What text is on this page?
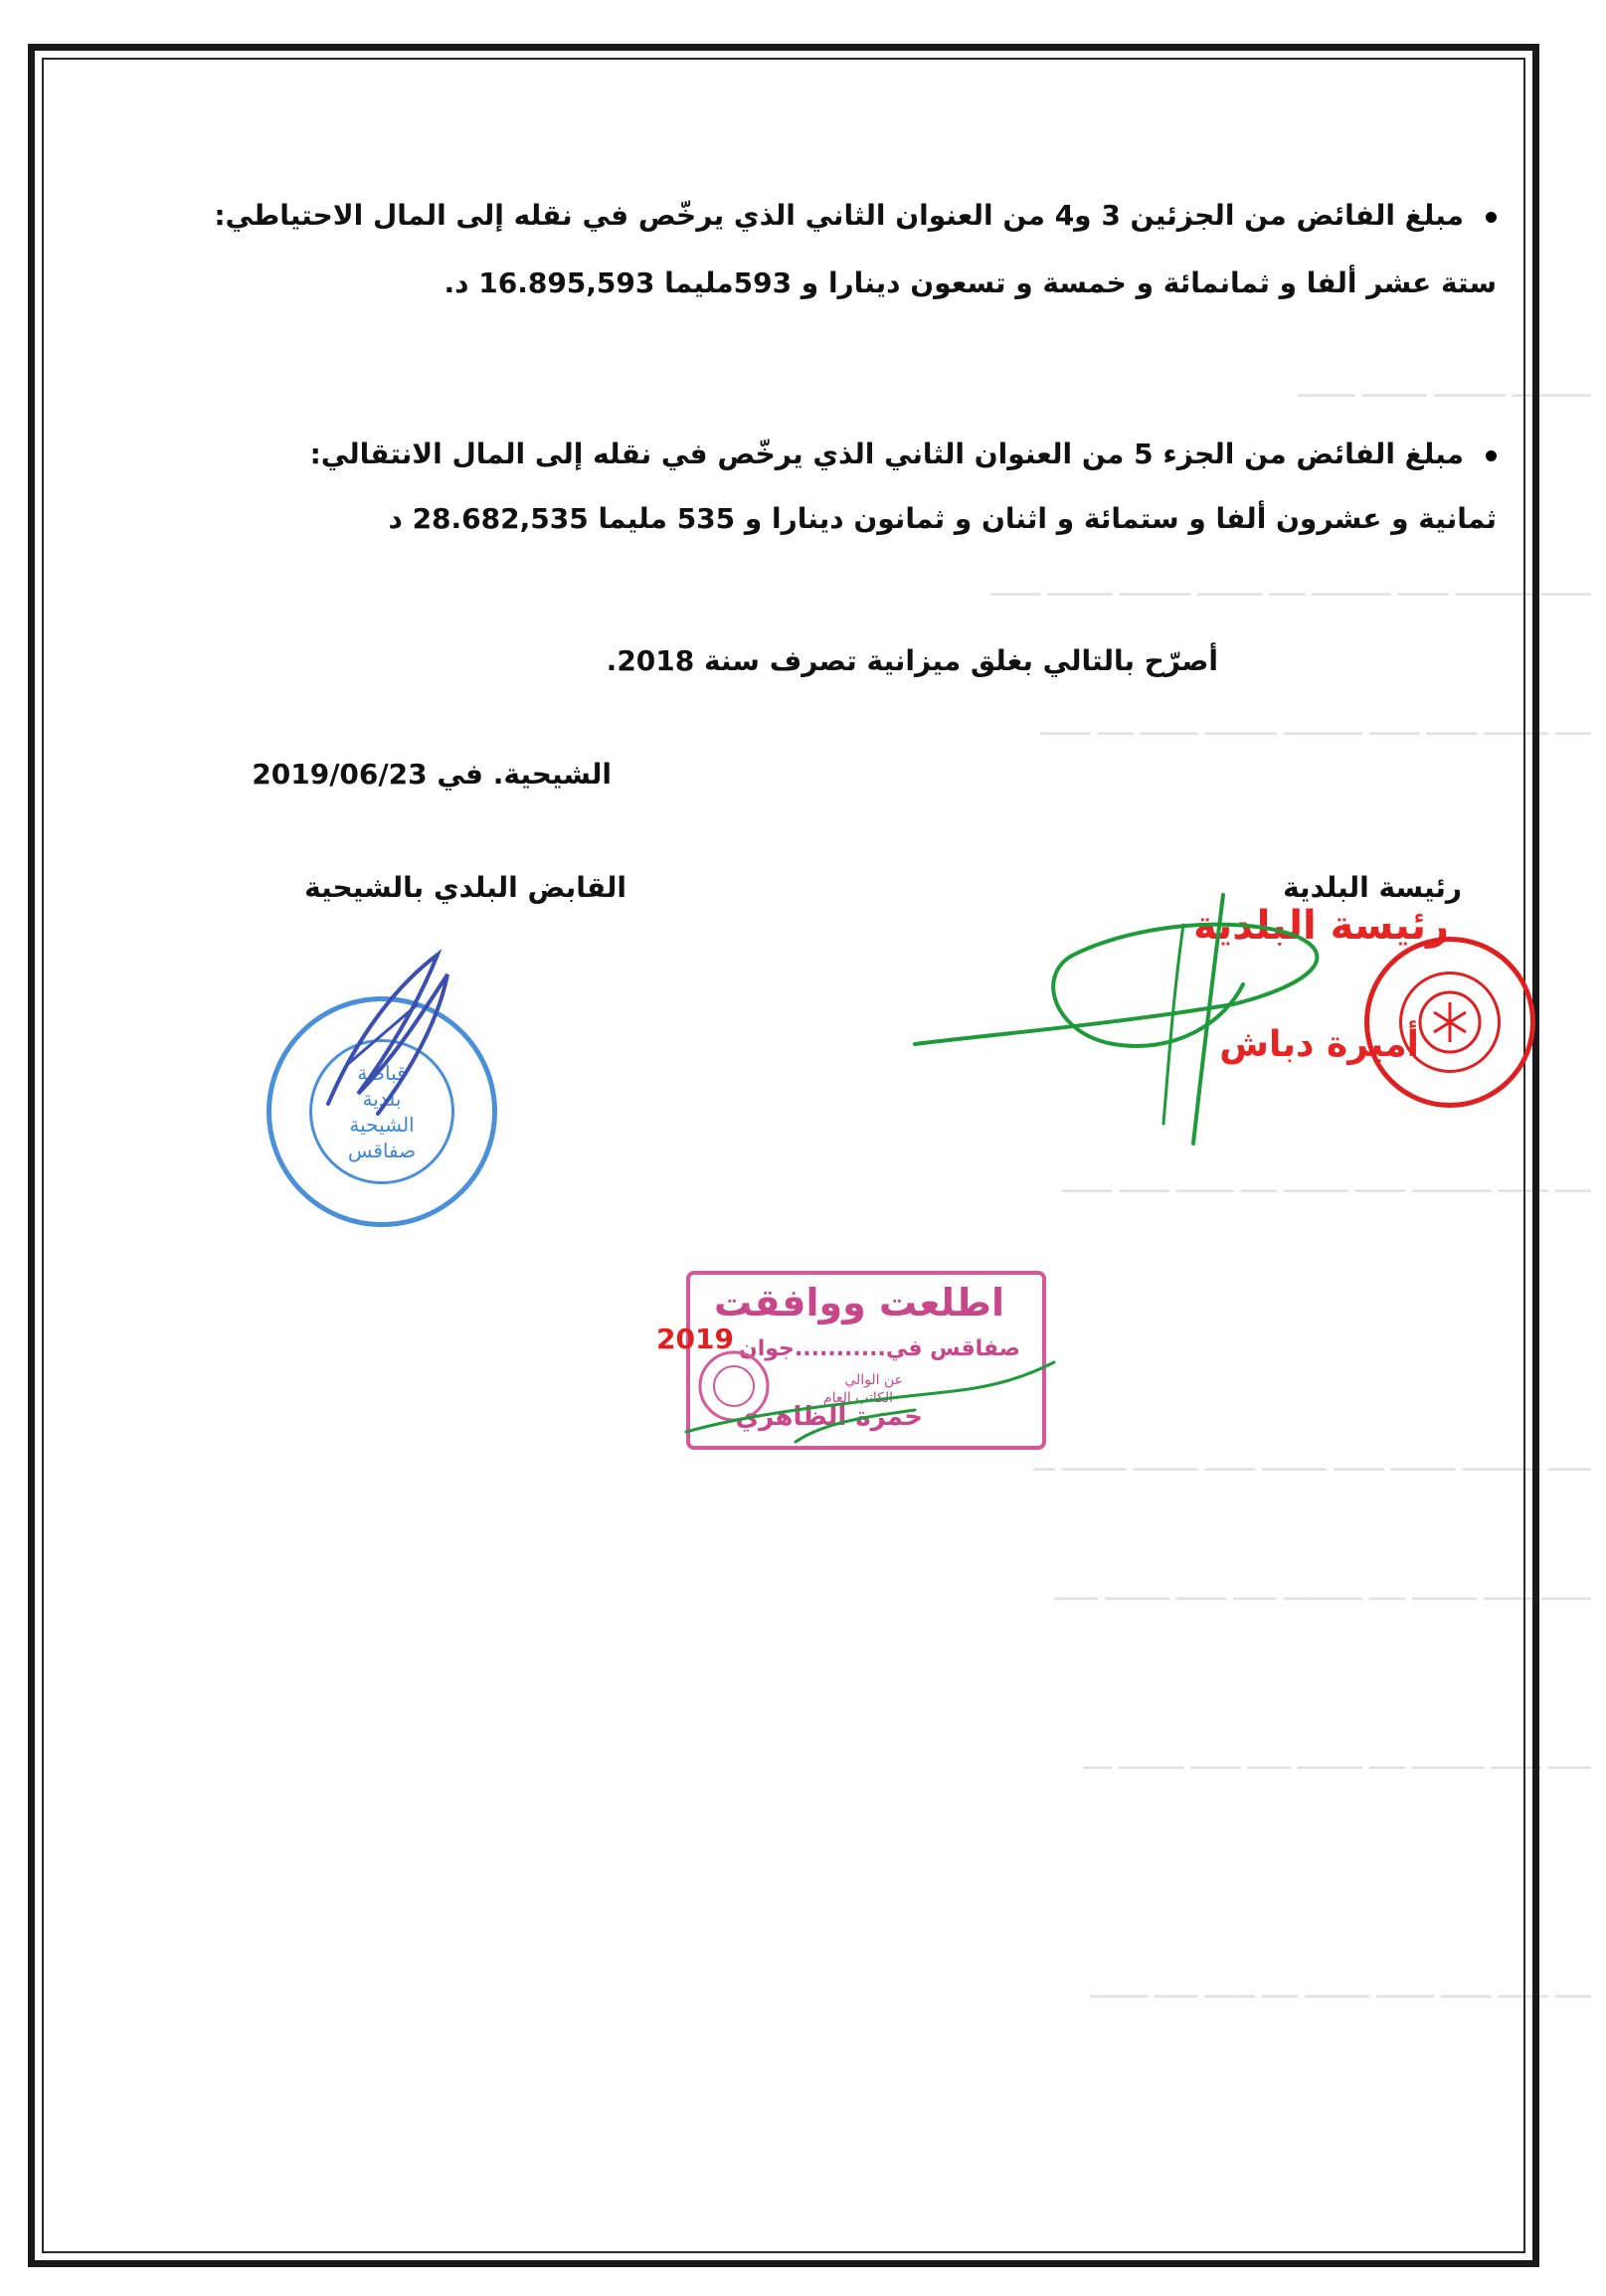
ـــــــــــ ــــــــــ ـــــــــ ــــــــ
ـــــــ ـــــــــــ ـــــــ ـــــــــــ ـــــ ـــــــــ ــــــــــ ـــــــــ ـــــــ
ـــــ ـــــــــ ـــــــ ـــــــ ـــــــــــ ــــــــــ ــــــــ ـــــ ـــــــ
ـــــ ـــــــ ـــــــــــ ـــــــ ـــــــــ ـــــ ــــــــ ـــــــ ـــــــ
ــــــ ـــــــــــ ـــــــــ ـــــــ ـــــــــ ـــــــ ـــــــــ ـــــــــ ـــ
ـــــــ ـــــــ ـــــــــ ـــــ ـــــــــــ ــــــ ـــــــ ـــــــــ ــــــ
ــــــ ـــــــ ــــــــــ ـــــ ـــــــــ ــــــ ـــــــ ـــــــــ ــــ
ـــــ ـــــــ ـــــــ ــــــــ ـــــــــ ـــــ ـــــــ ــــــ ــــــــ
مبلغ الفائض من الجزئين 3 و4 من العنوان الثاني الذي يرخّص في نقله إلى المال الاحتياطي:
ستة عشر ألفا و ثمانمائة و خمسة و تسعون دينارا و 593مليما 16.895,593 د.
مبلغ الفائض من الجزء 5 من العنوان الثاني الذي يرخّص في نقله إلى المال الانتقالي:
ثمانية و عشرون ألفا و ستمائة و اثنان و ثمانون دينارا و 535 مليما 28.682,535 د
أصرّح بالتالي بغلق ميزانية تصرف سنة 2018.
الشيحية. في 2019/06/23
رئيسة البلدية
القابض البلدي بالشيحية
رئيسة البلدية
أميرة دباش
قباضة
بلدية
الشيحية
صفاقس
اطلعت ووافقت
صفاقس في...........جوان
عن الوالي
الكاتب العام
حمزة الظاهري
2019
